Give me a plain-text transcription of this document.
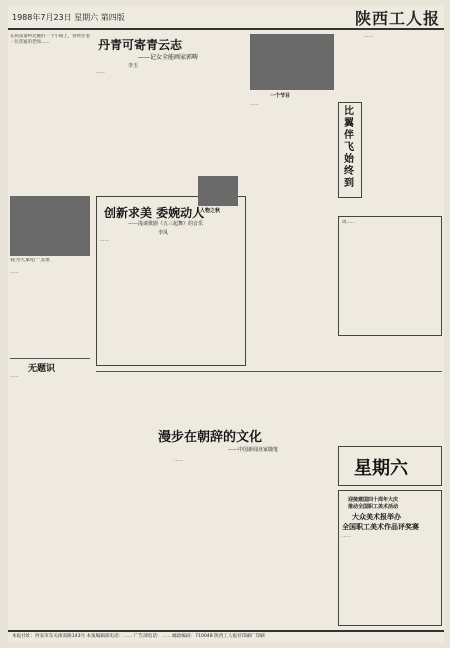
1988年7月23日 星期六 第四版	陕西工人报
在陕南秦岭北麓的一个小镇上，曾经住着一位普通的老师……
我为大家唱一支歌
……
无题识
……
丹青可寄青云志
——记女全能画家郭畴
李玉
……
创新求美 委婉动人
——浅谈歌剧《五三起舞》的音乐
李凤
人物之秋
……
一个节目
……
比翼伴飞 始终到
……
周……
漫步在朝辞的文化
——中国新闻业家随笔
……	星期六
迎接建国四十周年大庆
推动全国职工美术活动
大众美术报举办
全国职工美术作品评奖赛
……
本报社址：西安市东关街南路143号 本报编辑部电话：…… 广告部电话：…… 邮政编码：710048 陕西工人报社印刷厂印刷
